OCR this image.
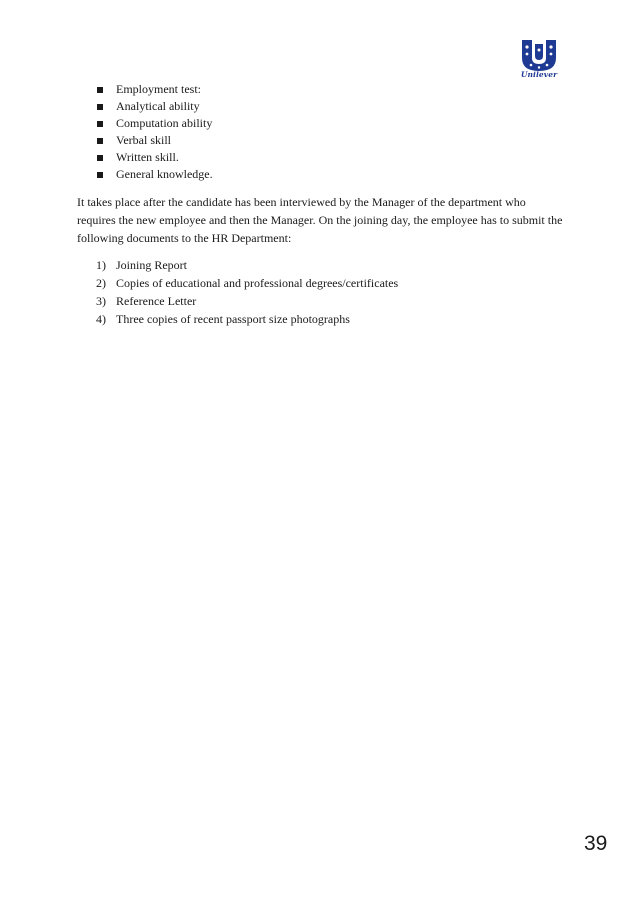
Unilever
Employment test:
Analytical ability
Computation ability
Verbal skill
Written skill.
General knowledge.

It takes place after the candidate has been interviewed by the Manager of the department who requires the new employee and then the Manager. On the joining day, the employee has to submit the following documents to the HR Department:

1) Joining Report
2) Copies of educational and professional degrees/certificates
3) Reference Letter
4) Three copies of recent passport size photographs
39
